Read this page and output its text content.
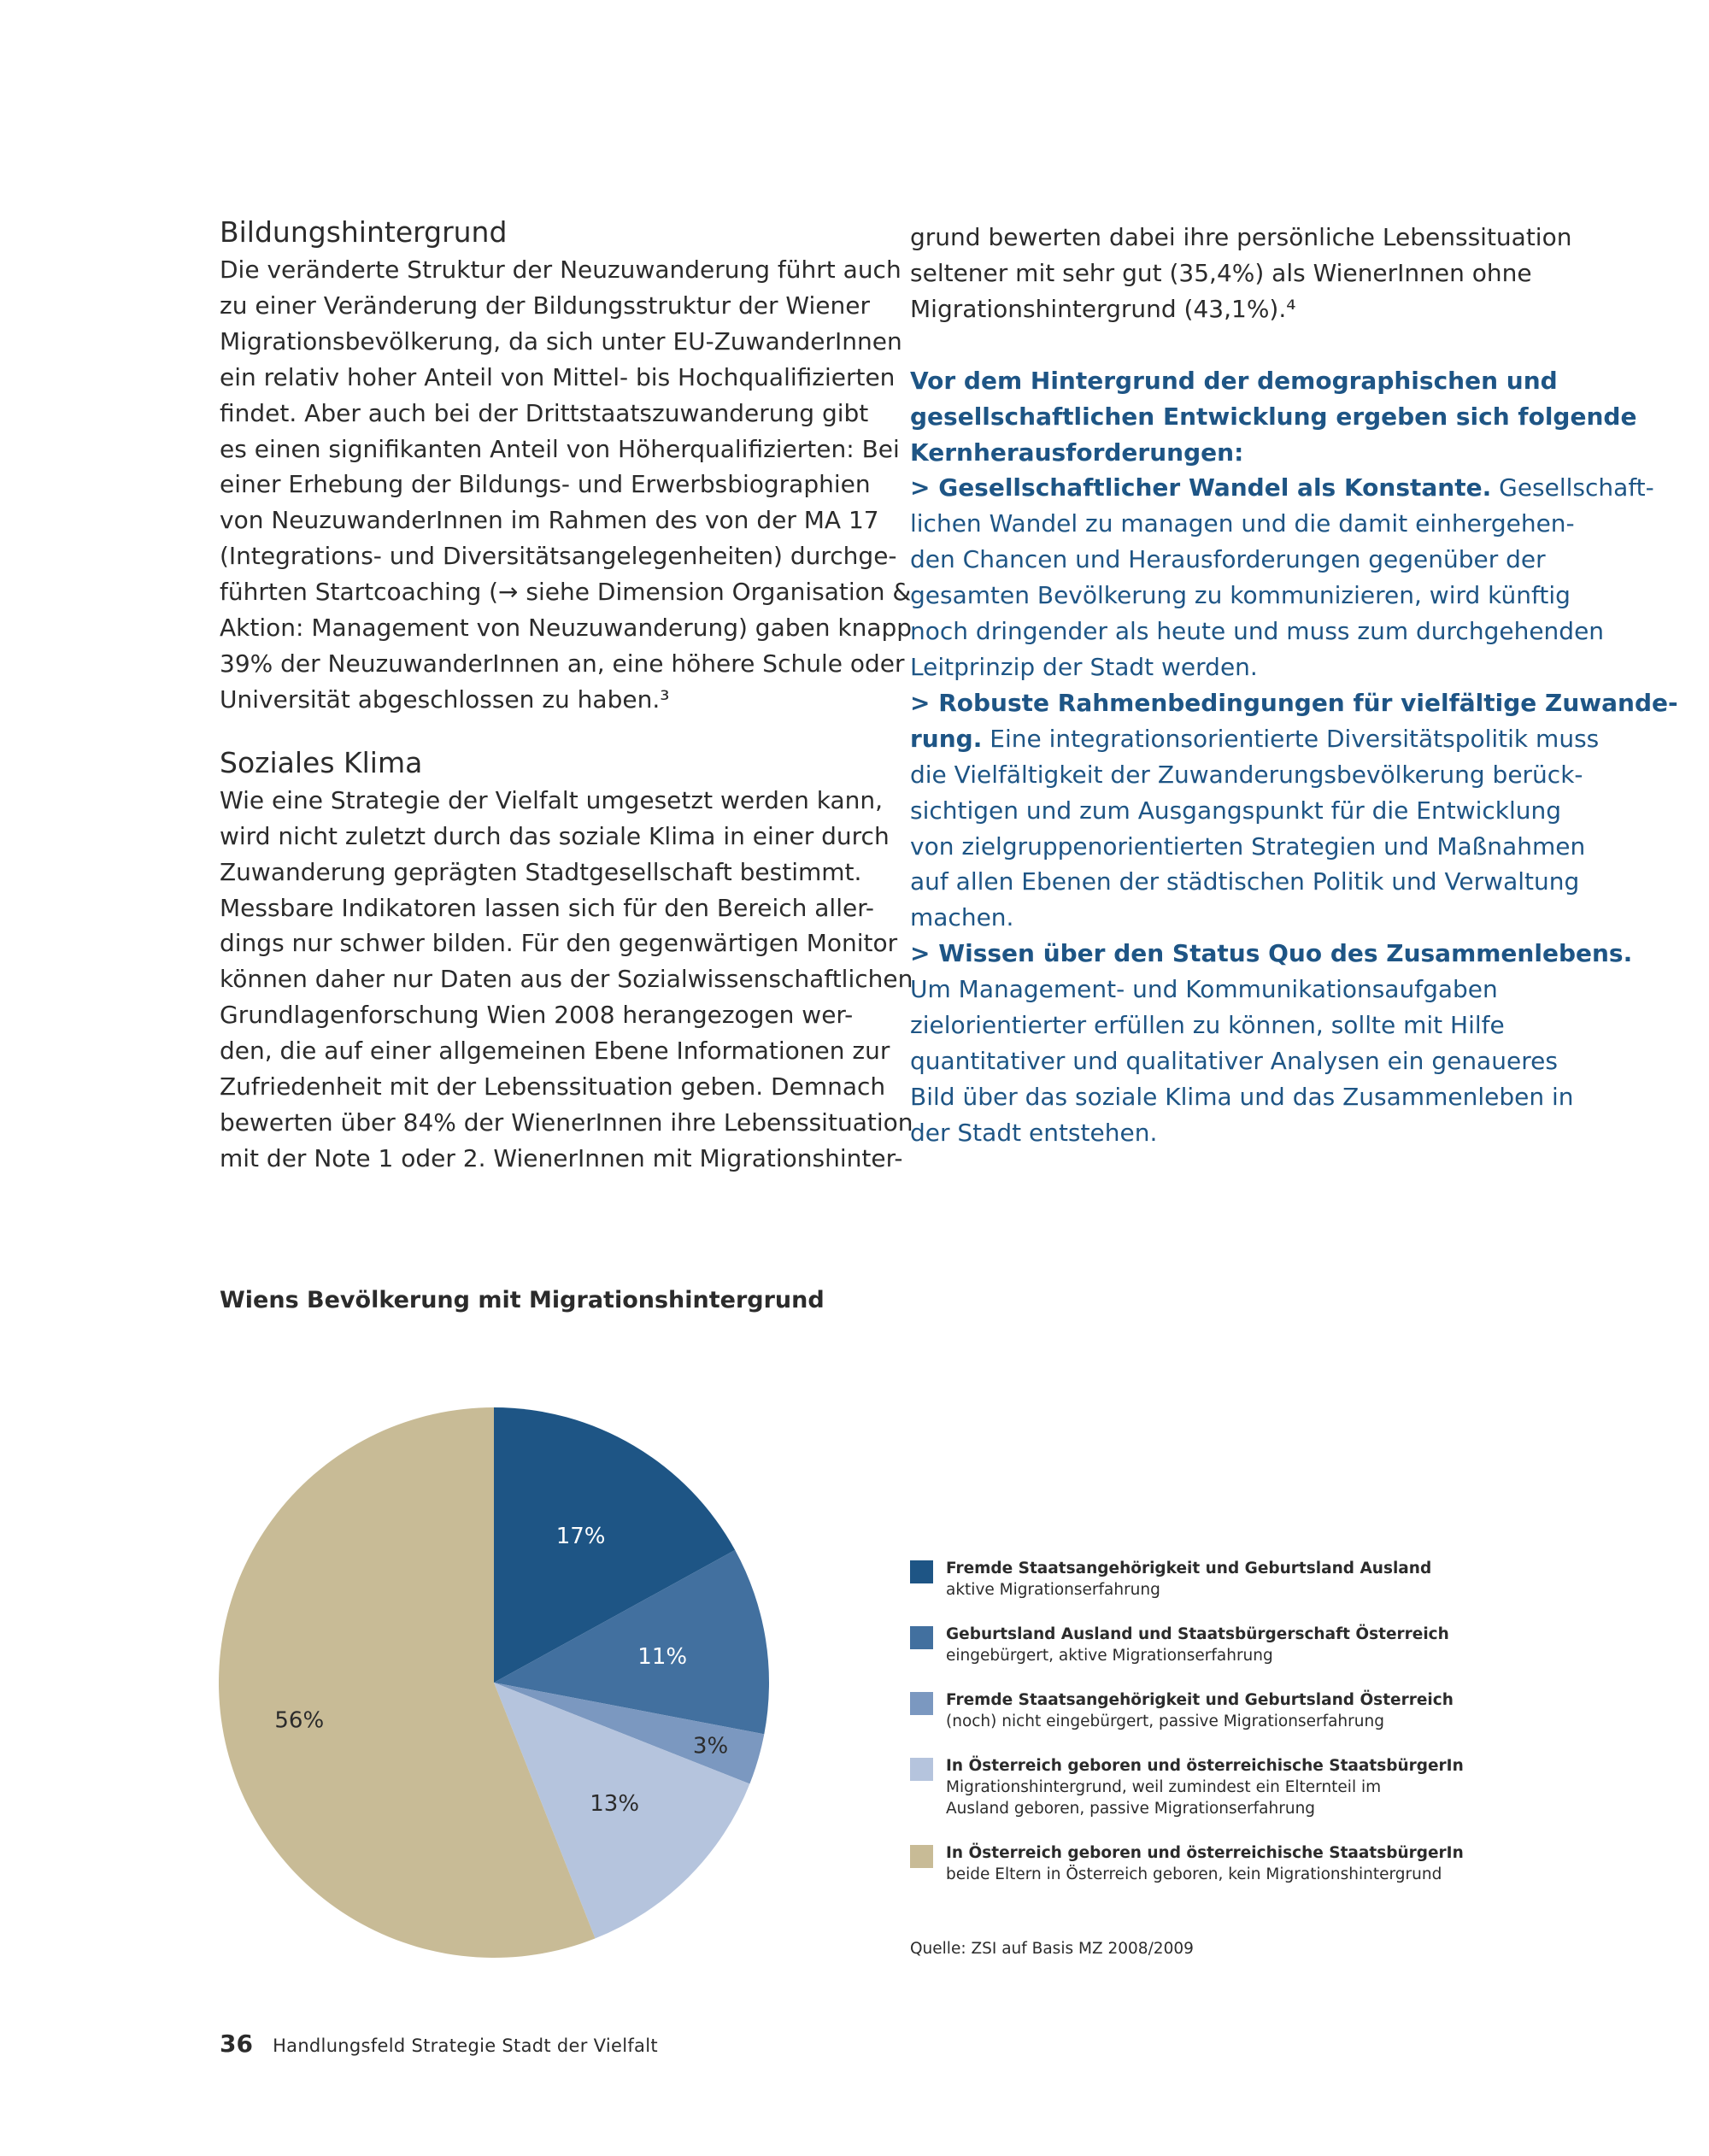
Bildungshintergrund

Die veränderte Struktur der Neuzuwanderung führt auch
zu einer Veränderung der Bildungsstruktur der Wiener
Migrationsbevölkerung, da sich unter EU-ZuwanderInnen
ein relativ hoher Anteil von Mittel- bis Hochqualifizierten
findet. Aber auch bei der Drittstaatszuwanderung gibt
es einen signifikanten Anteil von Höherqualifizierten: Bei
einer Erhebung der Bildungs- und Erwerbsbiographien
von NeuzuwanderInnen im Rahmen des von der MA 17
(Integrations- und Diversitätsangelegenheiten) durchge-
führten Startcoaching (→ siehe Dimension Organisation &
Aktion: Management von Neuzuwanderung) gaben knapp
39% der NeuzuwanderInnen an, eine höhere Schule oder
Universität abgeschlossen zu haben.³

Soziales Klima

Wie eine Strategie der Vielfalt umgesetzt werden kann,
wird nicht zuletzt durch das soziale Klima in einer durch
Zuwanderung geprägten Stadtgesellschaft bestimmt.
Messbare Indikatoren lassen sich für den Bereich aller-
dings nur schwer bilden. Für den gegenwärtigen Monitor
können daher nur Daten aus der Sozialwissenschaftlichen
Grundlagenforschung Wien 2008 herangezogen wer-
den, die auf einer allgemeinen Ebene Informationen zur
Zufriedenheit mit der Lebenssituation geben. Demnach
bewerten über 84% der WienerInnen ihre Lebenssituation
mit der Note 1 oder 2. WienerInnen mit Migrationshinter-

grund bewerten dabei ihre persönliche Lebenssituation
seltener mit sehr gut (35,4%) als WienerInnen ohne
Migrationshintergrund (43,1%).⁴

Vor dem Hintergrund der demographischen und
gesellschaftlichen Entwicklung ergeben sich folgende
Kernherausforderungen:

> Gesellschaftlicher Wandel als Konstante. Gesellschaft-
lichen Wandel zu managen und die damit einhergehen-
den Chancen und Herausforderungen gegenüber der
gesamten Bevölkerung zu kommunizieren, wird künftig
noch dringender als heute und muss zum durchgehenden
Leitprinzip der Stadt werden.
> Robuste Rahmenbedingungen für vielfältige Zuwande-
rung. Eine integrationsorientierte Diversitätspolitik muss
die Vielfältigkeit der Zuwanderungsbevölkerung berück-
sichtigen und zum Ausgangspunkt für die Entwicklung
von zielgruppenorientierten Strategien und Maßnahmen
auf allen Ebenen der städtischen Politik und Verwaltung
machen.
> Wissen über den Status Quo des Zusammenlebens.
Um Management- und Kommunikationsaufgaben
zielorientierter erfüllen zu können, sollte mit Hilfe
quantitativer und qualitativer Analysen ein genaueres
Bild über das soziale Klima und das Zusammenleben in
der Stadt entstehen.
Wiens Bevölkerung mit Migrationshintergrund
17%
11%
3%
13%
56%
Fremde Staatsangehörigkeit und Geburtsland Ausland
aktive Migrationserfahrung
Geburtsland Ausland und Staatsbürgerschaft Österreich
eingebürgert, aktive Migrationserfahrung
Fremde Staatsangehörigkeit und Geburtsland Österreich
(noch) nicht eingebürgert, passive Migrationserfahrung
In Österreich geboren und österreichische StaatsbürgerIn
Migrationshintergrund, weil zumindest ein Elternteil im
Ausland geboren, passive Migrationserfahrung
In Österreich geboren und österreichische StaatsbürgerIn
beide Eltern in Österreich geboren, kein Migrationshintergrund
Quelle: ZSI auf Basis MZ 2008/2009
36 Handlungsfeld Strategie Stadt der Vielfalt
